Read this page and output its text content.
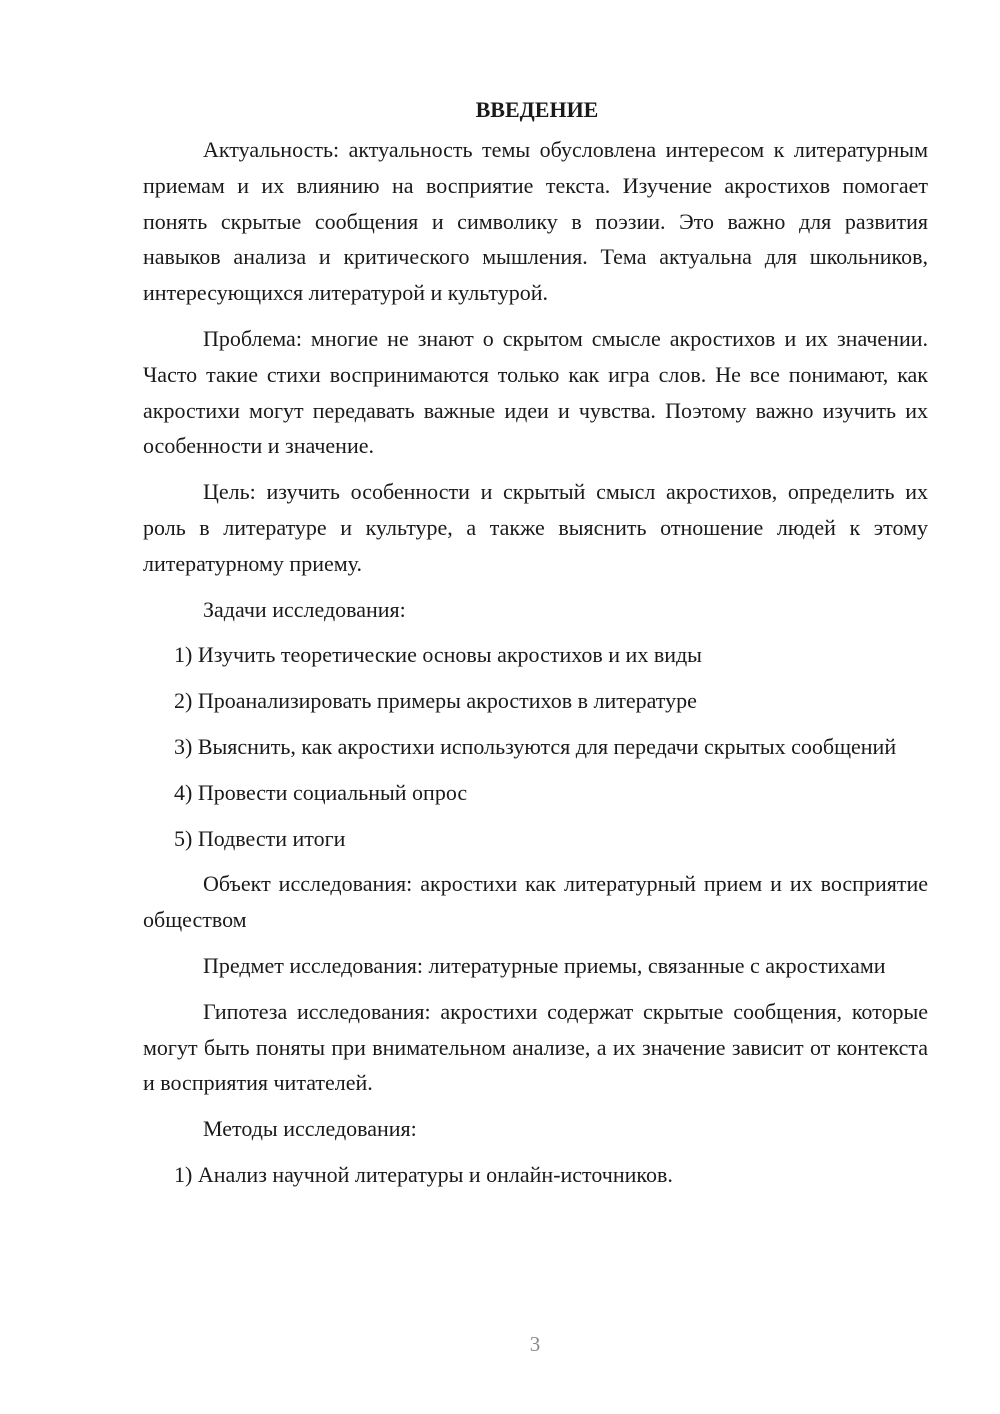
ВВЕДЕНИЕ

Актуальность: актуальность темы обусловлена интересом к литературным приемам и их влиянию на восприятие текста. Изучение акростихов помогает понять скрытые сообщения и символику в поэзии. Это важно для развития навыков анализа и критического мышления. Тема актуальна для школьников, интересующихся литературой и культурой.

Проблема: многие не знают о скрытом смысле акростихов и их значении. Часто такие стихи воспринимаются только как игра слов. Не все понимают, как акростихи могут передавать важные идеи и чувства. Поэтому важно изучить их особенности и значение.

Цель: изучить особенности и скрытый смысл акростихов, определить их роль в литературе и культуре, а также выяснить отношение людей к этому литературному приему.

Задачи исследования:

1) Изучить теоретические основы акростихов и их виды

2) Проанализировать примеры акростихов в литературе

3) Выяснить, как акростихи используются для передачи скрытых сообщений

4) Провести социальный опрос

5) Подвести итоги

Объект исследования: акростихи как литературный прием и их восприятие обществом

Предмет исследования: литературные приемы, связанные с акростихами

Гипотеза исследования: акростихи содержат скрытые сообщения, которые могут быть поняты при внимательном анализе, а их значение зависит от контекста и восприятия читателей.

Методы исследования:

1) Анализ научной литературы и онлайн-источников.

3
